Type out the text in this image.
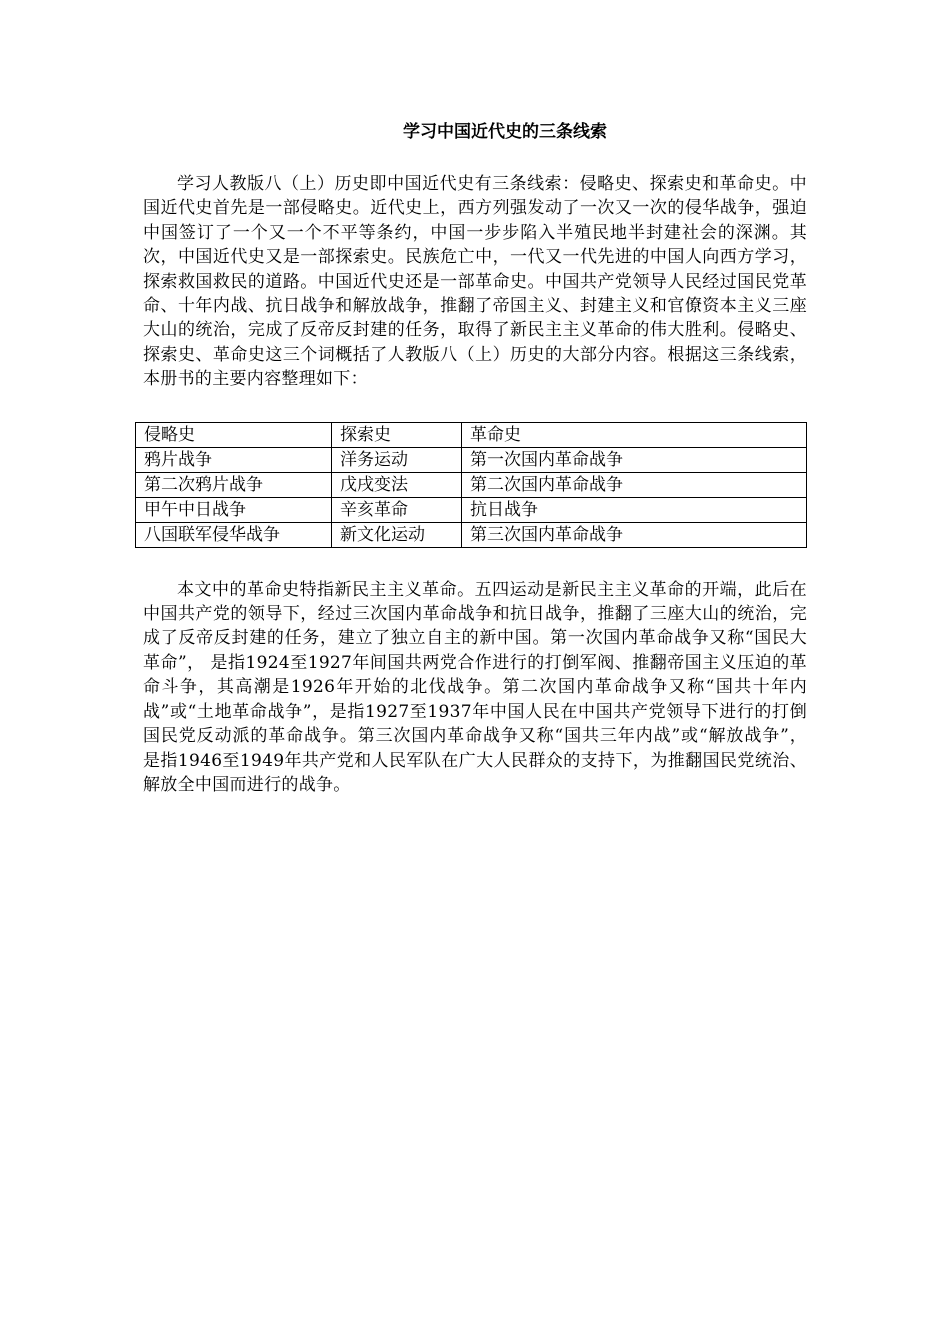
学习中国近代史的三条线索

学习人教版八（上）历史即中国近代史有三条线索：侵略史、探索史和革命史。中国近代史首先是一部侵略史。近代史上，西方列强发动了一次又一次的侵华战争，强迫中国签订了一个又一个不平等条约，中国一步步陷入半殖民地半封建社会的深渊。其次，中国近代史又是一部探索史。民族危亡中，一代又一代先进的中国人向西方学习，探索救国救民的道路。中国近代史还是一部革命史。中国共产党领导人民经过国民党革命、十年内战、抗日战争和解放战争，推翻了帝国主义、封建主义和官僚资本主义三座大山的统治，完成了反帝反封建的任务，取得了新民主主义革命的伟大胜利。侵略史、探索史、革命史这三个词概括了人教版八（上）历史的大部分内容。根据这三条线索，本册书的主要内容整理如下：

侵略史	探索史	革命史
鸦片战争	洋务运动	第一次国内革命战争
第二次鸦片战争	戊戌变法	第二次国内革命战争
甲午中日战争	辛亥革命	抗日战争
八国联军侵华战争	新文化运动	第三次国内革命战争

本文中的革命史特指新民主主义革命。五四运动是新民主主义革命的开端，此后在中国共产党的领导下，经过三次国内革命战争和抗日战争，推翻了三座大山的统治，完成了反帝反封建的任务，建立了独立自主的新中国。第一次国内革命战争又称“国民大革命”， 是指1924至1927年间国共两党合作进行的打倒军阀、推翻帝国主义压迫的革命斗争，其高潮是1926年开始的北伐战争。第二次国内革命战争又称“国共十年内战”或“土地革命战争”，是指1927至1937年中国人民在中国共产党领导下进行的打倒国民党反动派的革命战争。第三次国内革命战争又称“国共三年内战”或“解放战争”， 是指1946至1949年共产党和人民军队在广大人民群众的支持下，为推翻国民党统治、解放全中国而进行的战争。
